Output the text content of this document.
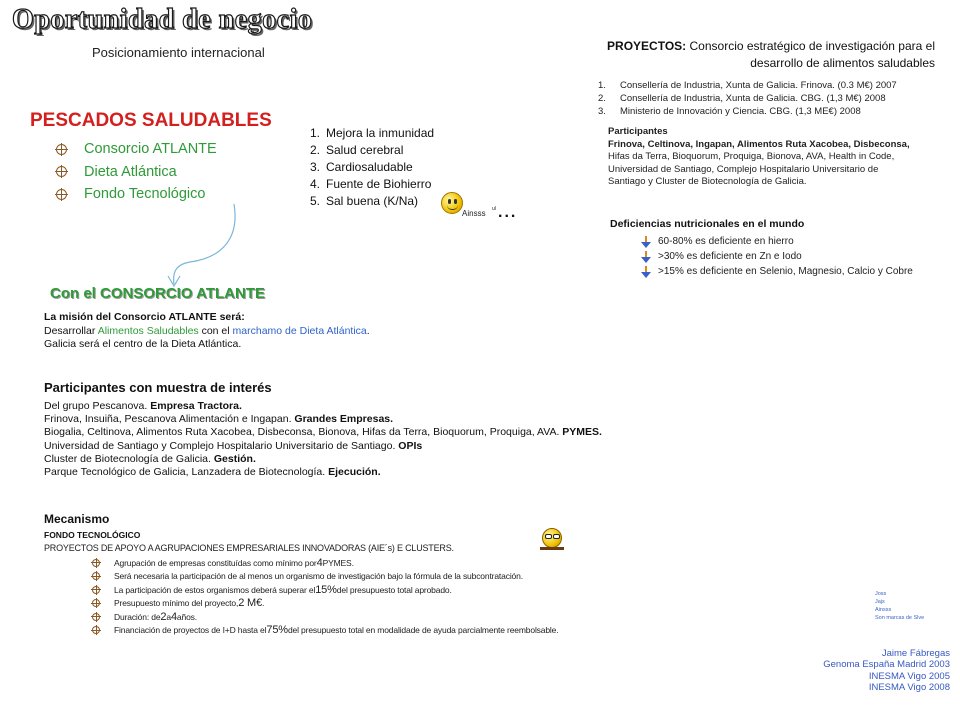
Oportunidad de negocio
Posicionamiento internacional
PESCADOS SALUDABLES
Consorcio ATLANTE
Dieta Atlántica
Fondo Tecnológico
1. Mejora la inmunidad
2. Salud cerebral
3. Cardiosaludable
4. Fuente de Biohierro
5. Sal buena (K/Na)
Ainsss ul ...
PROYECTOS: Consorcio estratégico de investigación para el
desarrollo de alimentos saludables
1. Consellería de Industria, Xunta de Galicia. Frinova. (0.3 M€) 2007
2. Consellería de Industria, Xunta de Galicia. CBG. (1,3 M€) 2008
3. Ministerio de Innovación y Ciencia. CBG. (1,3 ME€) 2008
Participantes
Frinova, Celtinova, Ingapan, Alimentos Ruta Xacobea, Disbeconsa,
Hifas da Terra, Bioquorum, Proquiga, Bionova, AVA, Health in Code,
Universidad de Santiago, Complejo Hospitalario Universitario de
Santiago y Cluster de Biotecnología de Galicia.
Deficiencias nutricionales en el mundo
60-80% es deficiente en hierro
>30% es deficiente en Zn e Iodo
>15% es deficiente en Selenio, Magnesio, Calcio y Cobre
Con el CONSORCIO ATLANTE
La misión del Consorcio ATLANTE será:
Desarrollar Alimentos Saludables con el marchamo de Dieta Atlántica.
Galicia será el centro de la Dieta Atlántica.
Participantes con muestra de interés
Del grupo Pescanova. Empresa Tractora.
Frinova, Insuiña, Pescanova Alimentación e Ingapan. Grandes Empresas.
Biogalia, Celtinova, Alimentos Ruta Xacobea, Disbeconsa, Bionova, Hifas da Terra, Bioquorum, Proquiga, AVA. PYMES.
Universidad de Santiago y Complejo Hospitalario Universitario de Santiago. OPIs
Cluster de Biotecnología de Galicia. Gestión.
Parque Tecnológico de Galicia, Lanzadera de Biotecnología. Ejecución.
Mecanismo
FONDO TECNOLÓGICO
PROYECTOS DE APOYO A AGRUPACIONES EMPRESARIALES INNOVADORAS (AIE´s) E CLUSTERS.
Agrupación de empresas constituídas como mínimo por 4 PYMES.
Será necesaria la participación de al menos un organismo de investigación bajo la fórmula de la subcontratación.
La participación de estos organismos deberá superar el 15% del presupuesto total aprobado.
Presupuesto mínimo del proyecto, 2 M€ .
Duración: de 2 a 4 años.
Financiación de proyectos de I+D hasta el 75% del presupuesto total en modalidade de ayuda parcialmente reembolsable.
Joss
Jajs
Ainsss
Son marcas de Slve
Jaime Fábregas
Genoma España Madrid 2003
INESMA Vigo 2005
INESMA Vigo 2008
